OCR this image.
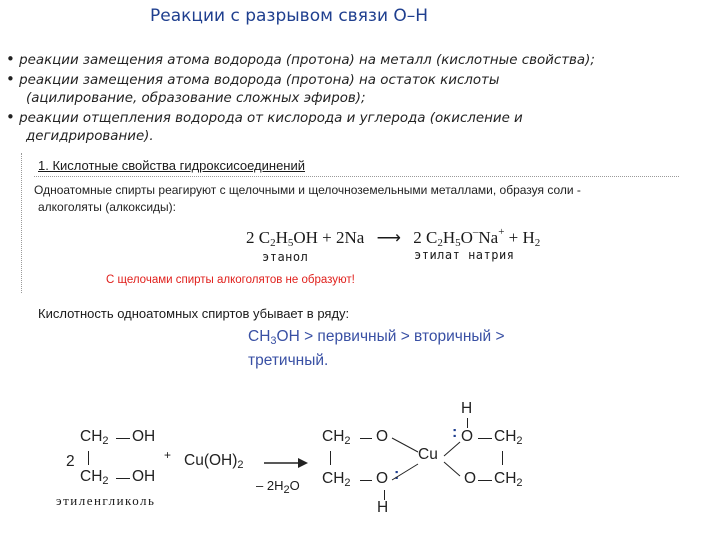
Реакции с разрывом связи О–Н
• реакции замещения атома водорода (протона) на металл (кислотные свойства);
• реакции замещения атома водорода (протона) на остаток кислоты
(ацилирование, образование сложных эфиров);
• реакции отщепления водорода от кислорода и углерода (окисление и
дегидрирование).
1. Кислотные свойства гидроксисоединений
Одноатомные спирты реагируют с щелочными и щелочноземельными металлами, образуя соли -
алкоголяты (алкоксиды):
2 $C_2H_5OH + 2Na$ ⟶ 2 $C_2H_5O^-Na^+ + H_2$
этанол	этилат натрия
С щелочами спирты алкоголятов не образуют!
Кислотность одноатомных спиртов убывает в ряду:
$CH_3OH$ > первичный > вторичный >
третичный.
$CH_2$ OH
2
$CH_2$ OH
+ $Cu(OH)_2$
этиленгликоль
– $2H_2O$
$CH_2$ O
$CH_2$ O
H
:
Cu
H
: O $CH_2$
O $CH_2$
